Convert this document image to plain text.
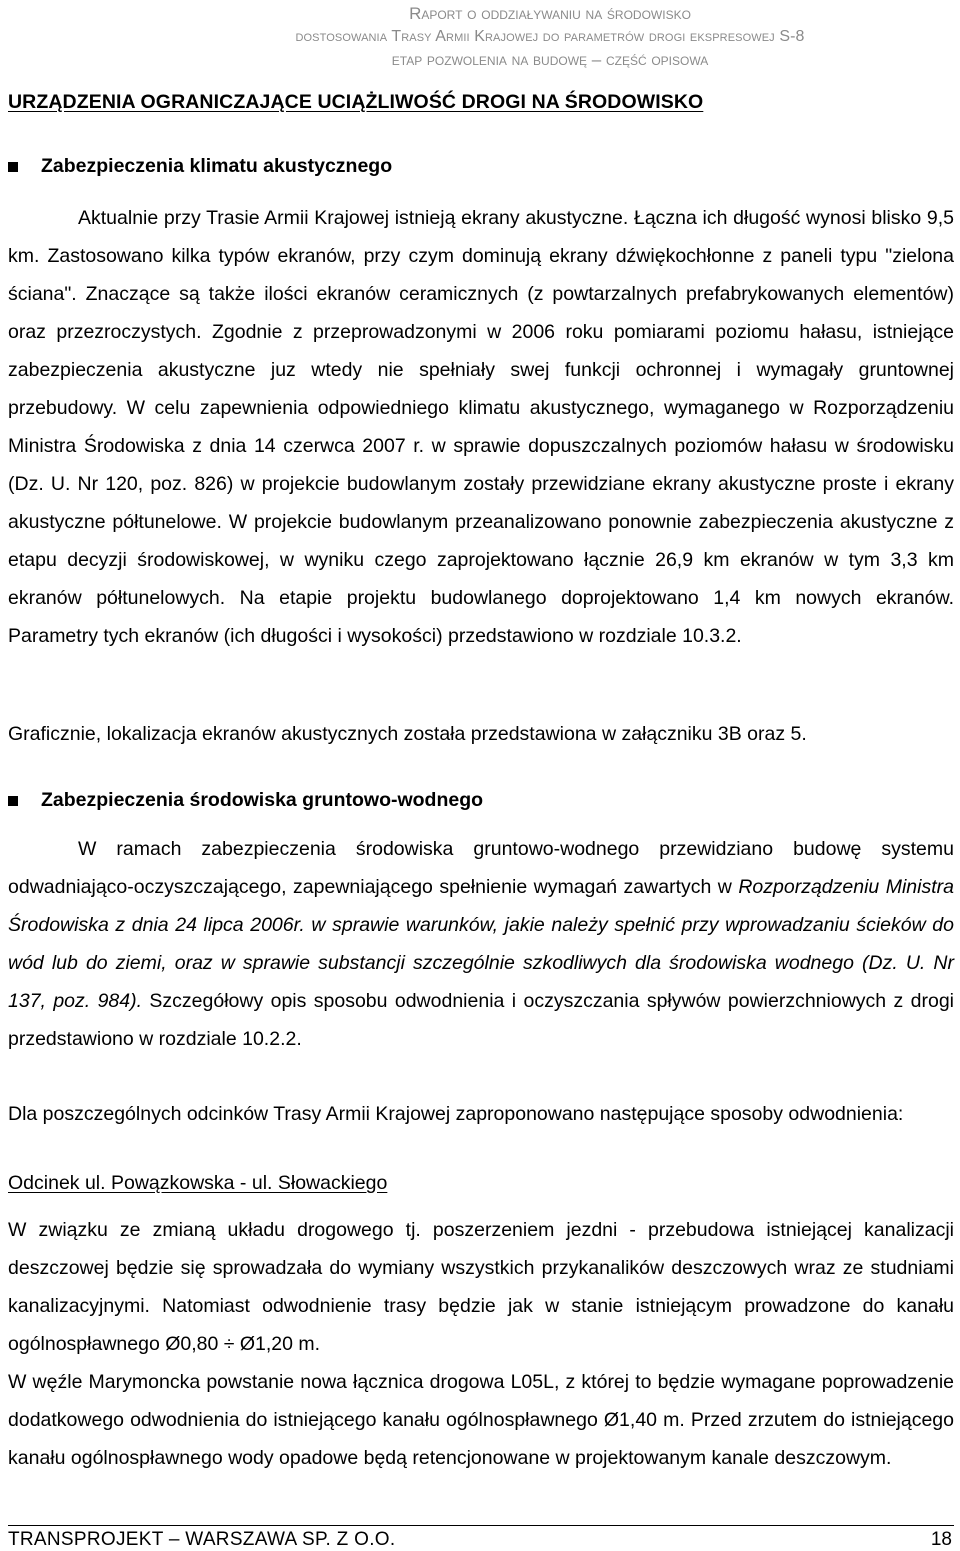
Raport o oddziaływaniu na środowisko
dostosowania Trasy Armii Krajowej do parametrów drogi ekspresowej S-8
etap pozwolenia na budowę – część opisowa
URZĄDZENIA OGRANICZAJĄCE UCIĄŻLIWOŚĆ DROGI NA ŚRODOWISKO
Zabezpieczenia klimatu akustycznego
Aktualnie przy Trasie Armii Krajowej istnieją ekrany akustyczne. Łączna ich długość wynosi blisko 9,5 km. Zastosowano kilka typów ekranów, przy czym dominują ekrany dźwiękochłonne z paneli typu "zielona ściana". Znaczące są także ilości ekranów ceramicznych (z powtarzalnych prefabrykowanych elementów) oraz przezroczystych. Zgodnie z przeprowadzonymi w 2006 roku pomiarami poziomu hałasu, istniejące zabezpieczenia akustyczne juz wtedy nie spełniały swej funkcji ochronnej i wymagały gruntownej przebudowy. W celu zapewnienia odpowiedniego klimatu akustycznego, wymaganego w Rozporządzeniu Ministra Środowiska z dnia 14 czerwca 2007 r. w sprawie dopuszczalnych poziomów hałasu w środowisku (Dz. U. Nr 120, poz. 826) w projekcie budowlanym zostały przewidziane ekrany akustyczne proste i ekrany akustyczne półtunelowe. W projekcie budowlanym przeanalizowano ponownie zabezpieczenia akustyczne z etapu decyzji środowiskowej, w wyniku czego zaprojektowano łącznie 26,9 km ekranów w tym 3,3 km ekranów półtunelowych. Na etapie projektu budowlanego doprojektowano 1,4 km nowych ekranów. Parametry tych ekranów (ich długości i wysokości) przedstawiono w rozdziale 10.3.2.
Graficznie, lokalizacja ekranów akustycznych została przedstawiona w załączniku 3B oraz 5.
Zabezpieczenia środowiska gruntowo-wodnego
W ramach zabezpieczenia środowiska gruntowo-wodnego przewidziano budowę systemu odwadniająco-oczyszczającego, zapewniającego spełnienie wymagań zawartych w Rozporządzeniu Ministra Środowiska z dnia 24 lipca 2006r. w sprawie warunków, jakie należy spełnić przy wprowadzaniu ścieków do wód lub do ziemi, oraz w sprawie substancji szczególnie szkodliwych dla środowiska wodnego (Dz. U. Nr 137, poz. 984). Szczegółowy opis sposobu odwodnienia i oczyszczania spływów powierzchniowych z drogi przedstawiono w rozdziale 10.2.2.
Dla poszczególnych odcinków Trasy Armii Krajowej zaproponowano następujące sposoby odwodnienia:
Odcinek ul. Powązkowska - ul. Słowackiego
W związku ze zmianą układu drogowego tj. poszerzeniem jezdni - przebudowa istniejącej kanalizacji deszczowej będzie się sprowadzała do wymiany wszystkich przykanalików deszczowych wraz ze studniami kanalizacyjnymi. Natomiast odwodnienie trasy będzie jak w stanie istniejącym prowadzone do kanału ogólnospławnego Ø0,80 ÷ Ø1,20 m.
W węźle Marymoncka powstanie nowa łącznica drogowa L05L, z której to będzie wymagane poprowadzenie dodatkowego odwodnienia do istniejącego kanału ogólnospławnego Ø1,40 m. Przed zrzutem do istniejącego kanału ogólnospławnego wody opadowe będą retencjonowane w projektowanym kanale deszczowym.
TRANSPROJEKT – WARSZAWA SP. Z O.O.	18
